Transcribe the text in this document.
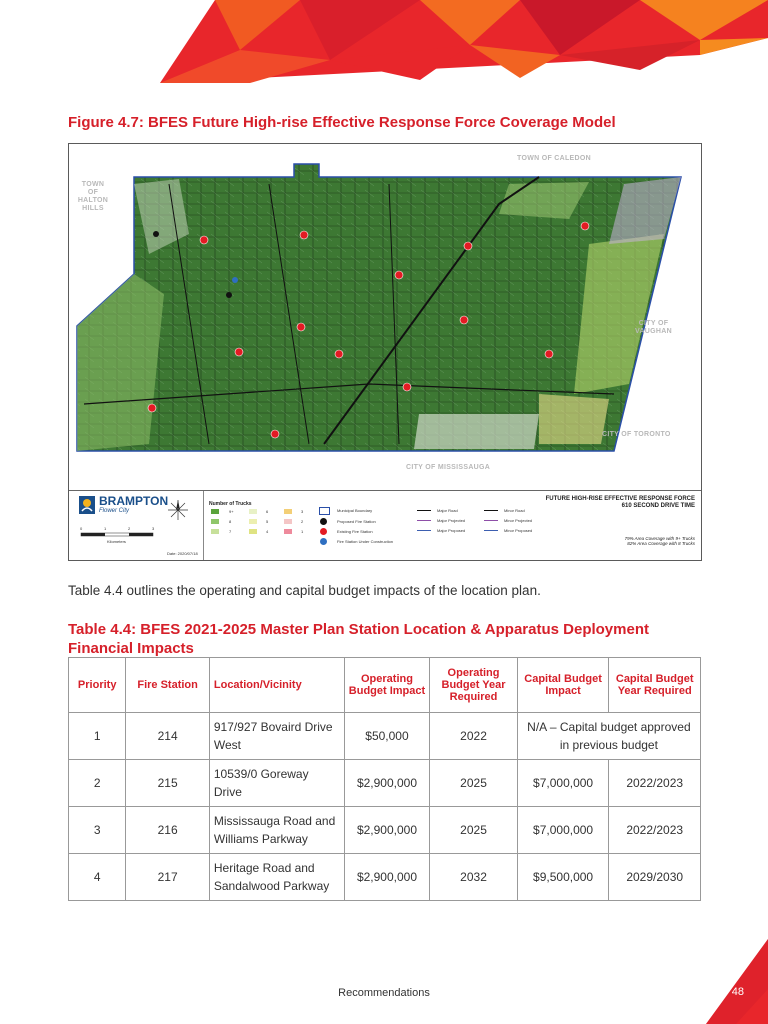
Figure 4.7: BFES Future High-rise Effective Response Force Coverage Model
TOWN OF CALEDON
TOWN
OF
HALTON
HILLS
CITY OF
VAUGHAN
CITY OF TORONTO
CITY OF MISSISSAUGA
BRAMPTON
Flower City
0	1	2	3
Kilometers
Date: 2020/07/18
Number of Trucks
9+
8
7
6
5
4
3
2
1
Municipal Boundary
Proposed Fire Station
Existing Fire Station
Fire Station Under Construction
Major Road
Major Projected
Major Proposed
Minor Road
Minor Projected
Minor Proposed
FUTURE HIGH-RISE EFFECTIVE RESPONSE FORCE
610 SECOND DRIVE TIME
79% Area Coverage with 9+ Trucks
82% Area Coverage with 8 Trucks
Table 4.4 outlines the operating and capital budget impacts of the location plan.
Table 4.4: BFES 2021-2025 Master Plan Station Location & Apparatus Deployment Financial Impacts
Priority	Fire Station	Location/Vicinity	Operating Budget Impact	Operating Budget Year Required	Capital Budget Impact	Capital Budget Year Required
1	214	917/927 Bovaird Drive West	$50,000	2022	N/A – Capital budget approved in previous budget	
2	215	10539/0 Goreway Drive	$2,900,000	2025	$7,000,000	2022/2023
3	216	Mississauga Road and Williams Parkway	$2,900,000	2025	$7,000,000	2022/2023
4	217	Heritage Road and Sandalwood Parkway	$2,900,000	2032	$9,500,000	2029/2030
Recommendations	48
